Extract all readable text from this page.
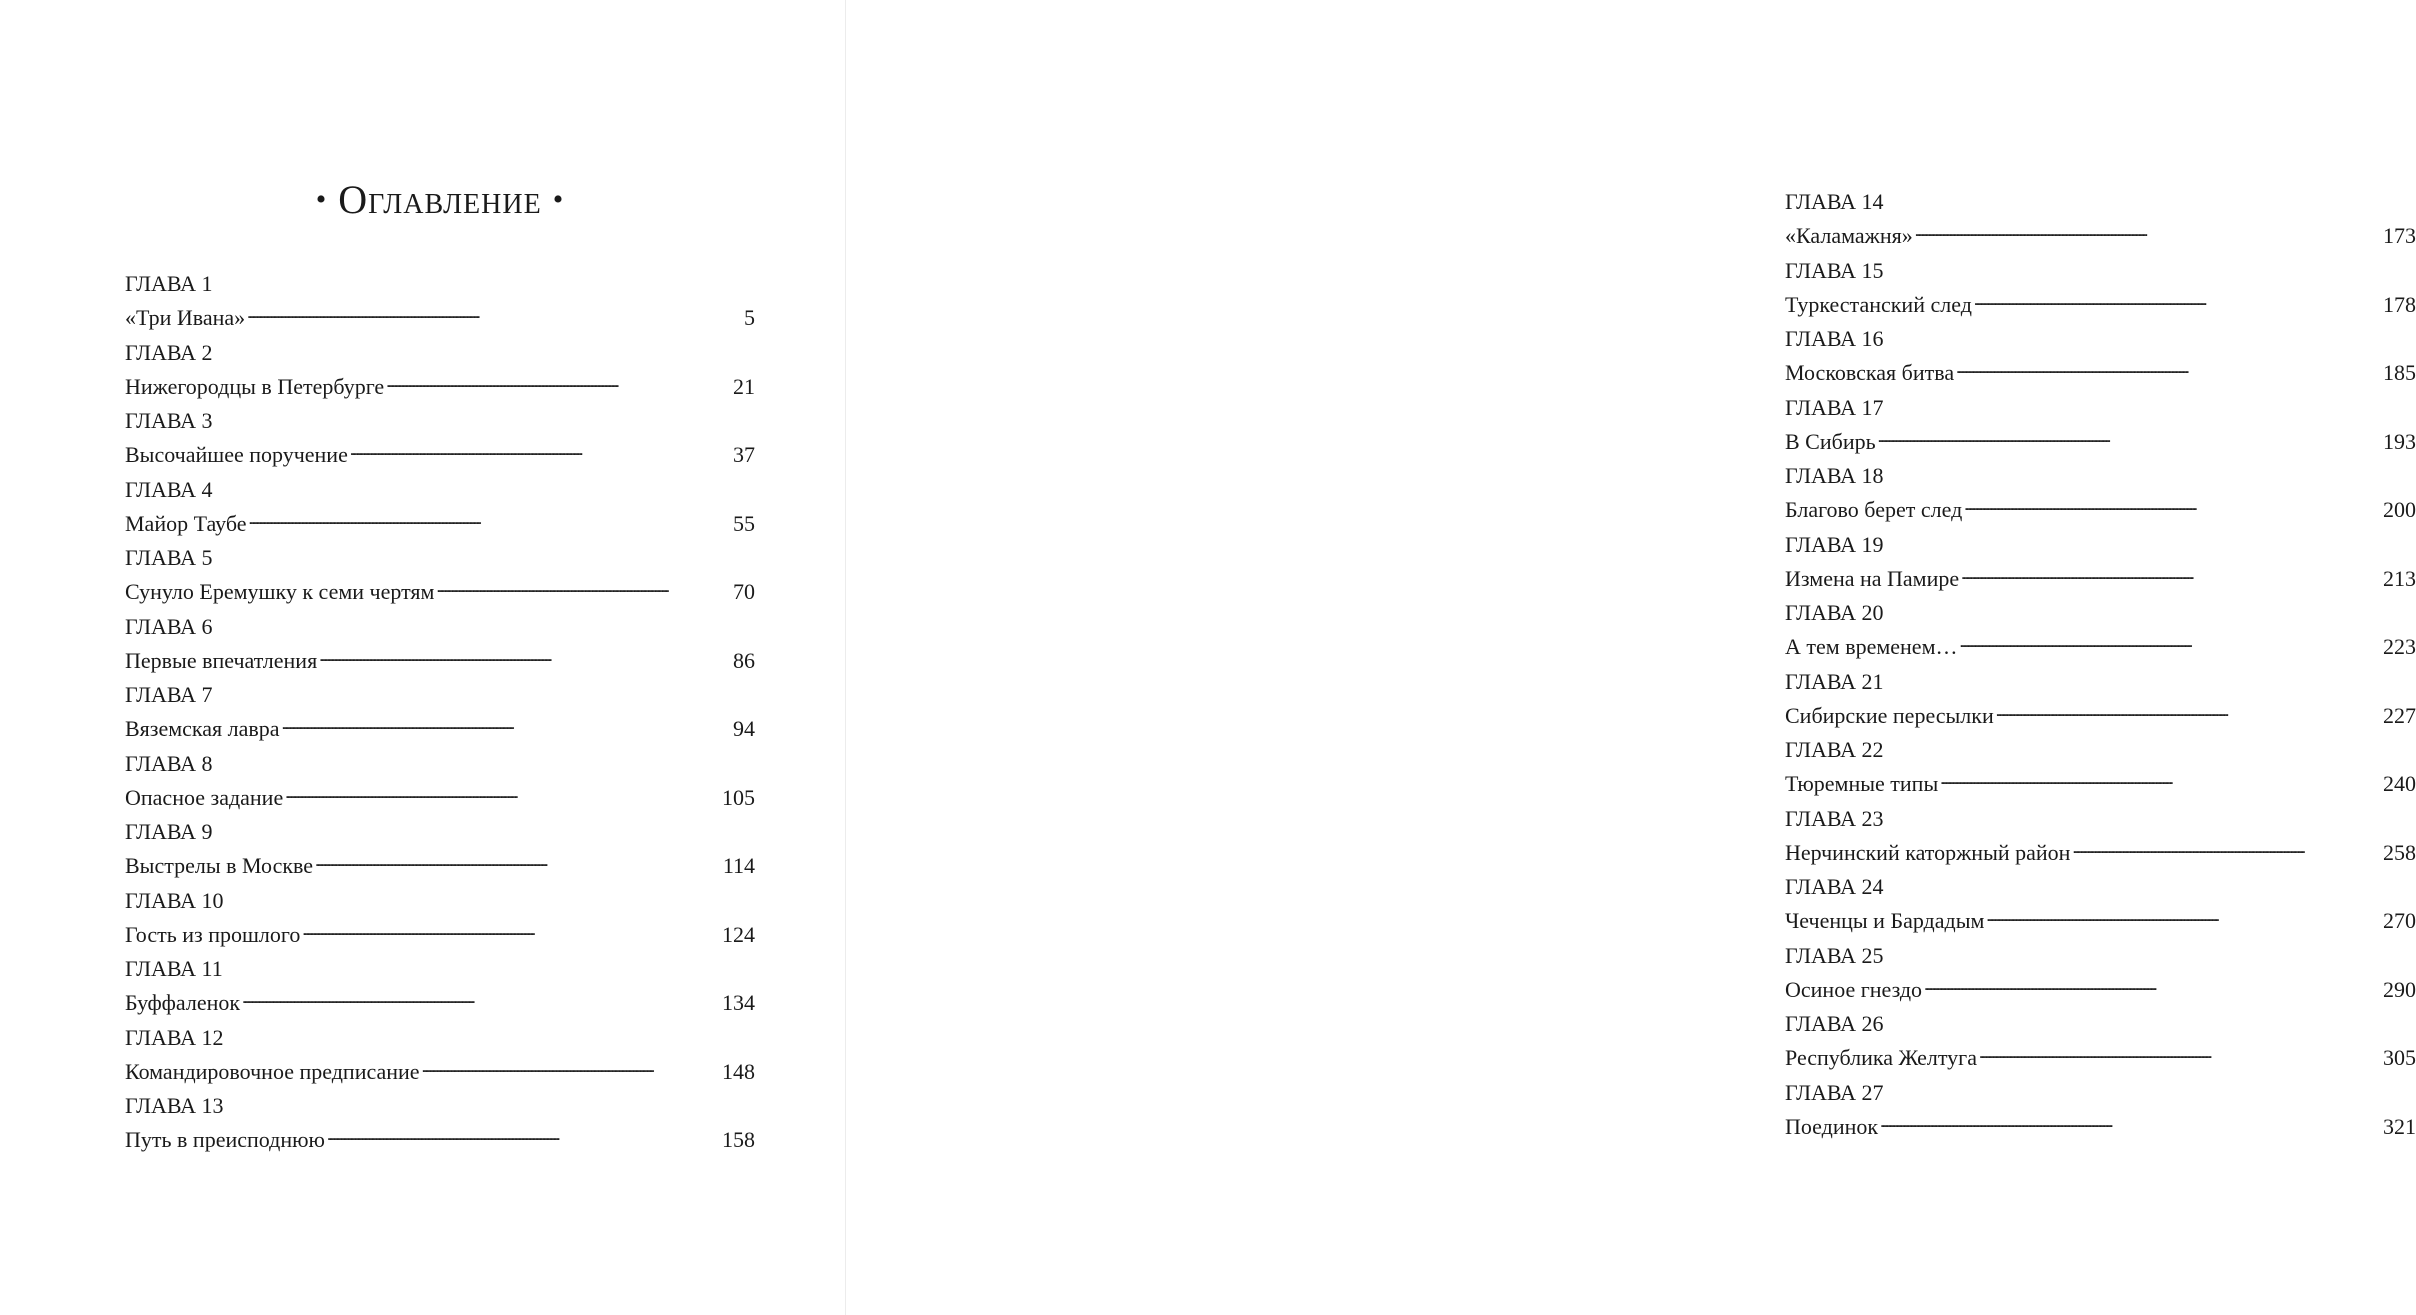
• Оглавление •
ГЛАВА 1
«Три Ивана» . . .	5
ГЛАВА 2
Нижегородцы в Петербурге . . .	21
ГЛАВА 3
Высочайшее поручение . . .	37
ГЛАВА 4
Майор Таубе . . .	55
ГЛАВА 5
Сунуло Еремушку к семи чертям . . .	70
ГЛАВА 6
Первые впечатления . . .	86
ГЛАВА 7
Вяземская лавра . . .	94
ГЛАВА 8
Опасное задание . . .	105
ГЛАВА 9
Выстрелы в Москве . . .	114
ГЛАВА 10
Гость из прошлого . . .	124
ГЛАВА 11
Буффаленок . . .	134
ГЛАВА 12
Командировочное предписание . . .	148
ГЛАВА 13
Путь в преисподнюю . . .	158
ГЛАВА 14
«Каламажня» . . .	173
ГЛАВА 15
Туркестанский след . . .	178
ГЛАВА 16
Московская битва . . .	185
ГЛАВА 17
В Сибирь . . .	193
ГЛАВА 18
Благово берет след . . .	200
ГЛАВА 19
Измена на Памире . . .	213
ГЛАВА 20
А тем временем… . . .	223
ГЛАВА 21
Сибирские пересылки . . .	227
ГЛАВА 22
Тюремные типы . . .	240
ГЛАВА 23
Нерчинский каторжный район . . .	258
ГЛАВА 24
Чеченцы и Бардадым . . .	270
ГЛАВА 25
Осиное гнездо . . .	290
ГЛАВА 26
Республика Желтуга . . .	305
ГЛАВА 27
Поединок . . .	321
